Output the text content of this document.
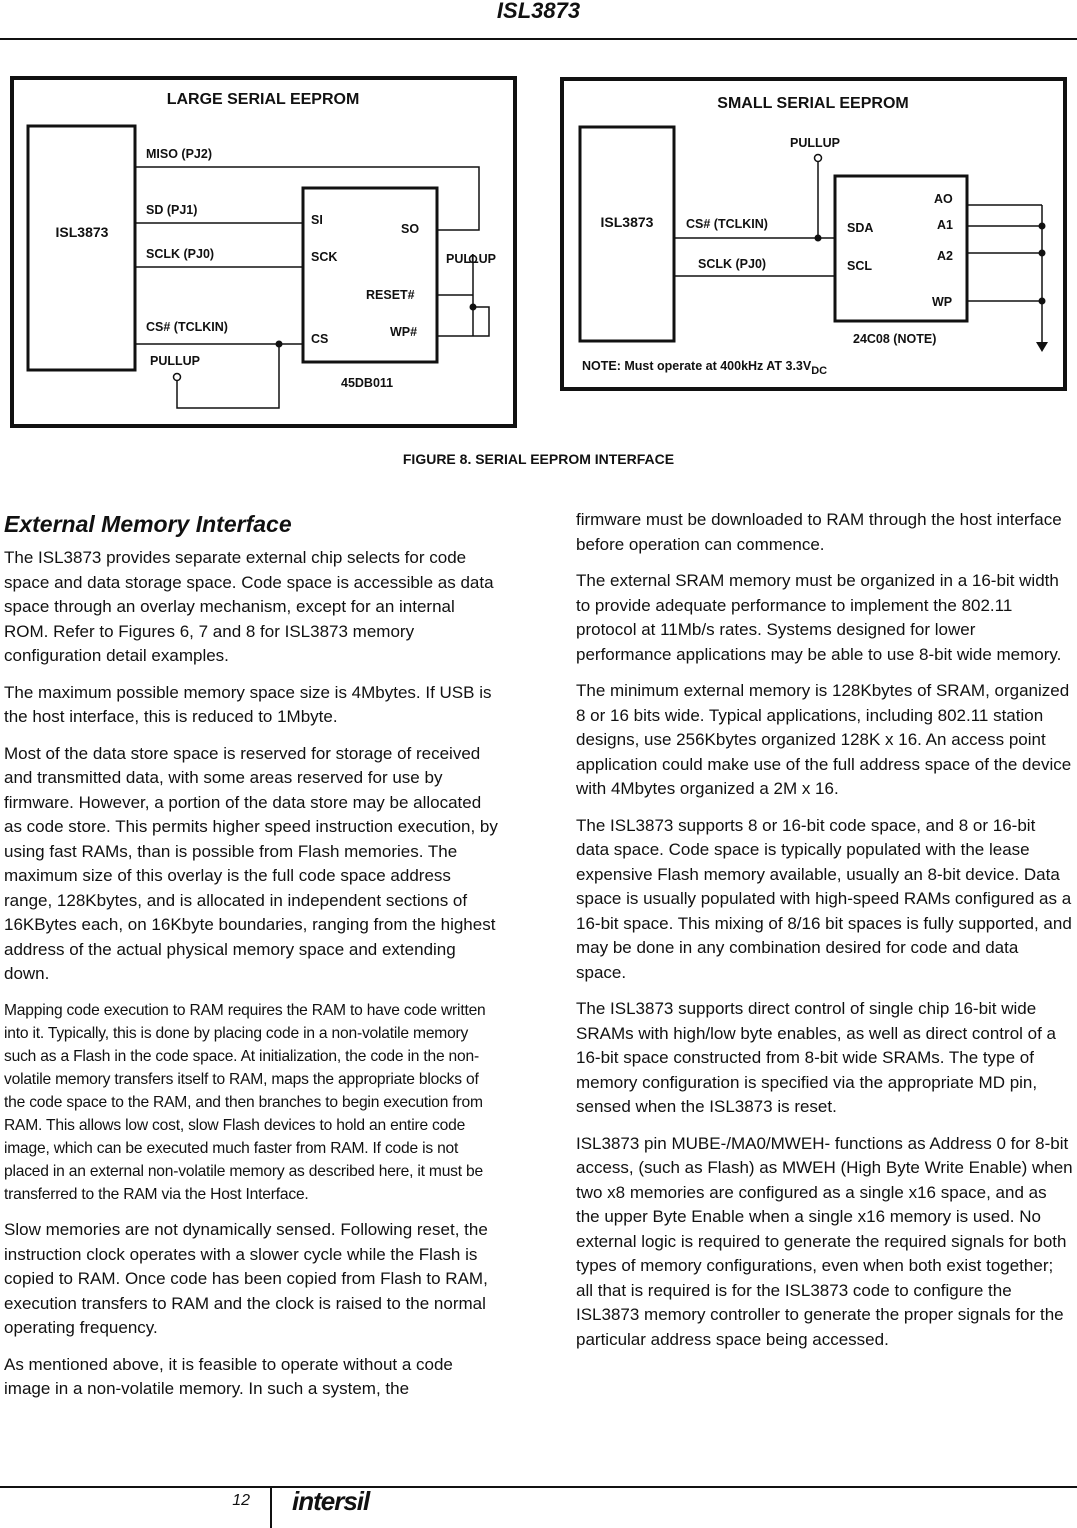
ISL3873
LARGE SERIAL EEPROM
ISL3873
MISO (PJ2)
SD (PJ1)
SCLK (PJ0)
CS# (TCLKIN)
SI
SO
SCK
RESET#
CS	WP#
PULLUP
PULLUP
45DB011
SMALL SERIAL EEPROM
ISL3873
PULLUP
CS# (TCLKIN)
SCLK (PJ0)
SDA
SCL
AO
A1
A2
WP
24C08 (NOTE)
NOTE: Must operate at 400kHz AT 3.3VDC
FIGURE 8. SERIAL EEPROM INTERFACE
External Memory Interface

The ISL3873 provides separate external chip selects for code space and data storage space. Code space is accessible as data space through an overlay mechanism, except for an internal ROM. Refer to Figures 6, 7 and 8 for ISL3873 memory configuration detail examples.

The maximum possible memory space size is 4Mbytes. If USB is the host interface, this is reduced to 1Mbyte.

Most of the data store space is reserved for storage of received and transmitted data, with some areas reserved for use by firmware. However, a portion of the data store may be allocated as code store. This permits higher speed instruction execution, by using fast RAMs, than is possible from Flash memories. The maximum size of this overlay is the full code space address range, 128Kbytes, and is allocated in independent sections of 16KBytes each, on 16Kbyte boundaries, ranging from the highest address of the actual physical memory space and extending down.

Mapping code execution to RAM requires the RAM to have code written into it. Typically, this is done by placing code in a non-volatile memory such as a Flash in the code space. At initialization, the code in the non-volatile memory transfers itself to RAM, maps the appropriate blocks of the code space to the RAM, and then branches to begin execution from RAM. This allows low cost, slow Flash devices to hold an entire code image, which can be executed much faster from RAM. If code is not placed in an external non-volatile memory as described here, it must be transferred to the RAM via the Host Interface.

Slow memories are not dynamically sensed. Following reset, the instruction clock operates with a slower cycle while the Flash is copied to RAM. Once code has been copied from Flash to RAM, execution transfers to RAM and the clock is raised to the normal operating frequency.

As mentioned above, it is feasible to operate without a code image in a non-volatile memory. In such a system, the

firmware must be downloaded to RAM through the host interface before operation can commence.

The external SRAM memory must be organized in a 16-bit width to provide adequate performance to implement the 802.11 protocol at 11Mb/s rates. Systems designed for lower performance applications may be able to use 8-bit wide memory.

The minimum external memory is 128Kbytes of SRAM, organized 8 or 16 bits wide. Typical applications, including 802.11 station designs, use 256Kbytes organized 128K x 16. An access point application could make use of the full address space of the device with 4Mbytes organized a 2M x 16.

The ISL3873 supports 8 or 16-bit code space, and 8 or 16-bit data space. Code space is typically populated with the lease expensive Flash memory available, usually an 8-bit device. Data space is usually populated with high-speed RAMs configured as a 16-bit space. This mixing of 8/16 bit spaces is fully supported, and may be done in any combination desired for code and data space.

The ISL3873 supports direct control of single chip 16-bit wide SRAMs with high/low byte enables, as well as direct control of a 16-bit space constructed from 8-bit wide SRAMs. The type of memory configuration is specified via the appropriate MD pin, sensed when the ISL3873 is reset.

ISL3873 pin MUBE-/MA0/MWEH- functions as Address 0 for 8-bit access, (such as Flash) as MWEH (High Byte Write Enable) when two x8 memories are configured as a single x16 space, and as the upper Byte Enable when a single x16 memory is used. No external logic is required to generate the required signals for both types of memory configurations, even when both exist together; all that is required is for the ISL3873 code to configure the ISL3873 memory controller to generate the proper signals for the particular address space being accessed.

12 intersil
